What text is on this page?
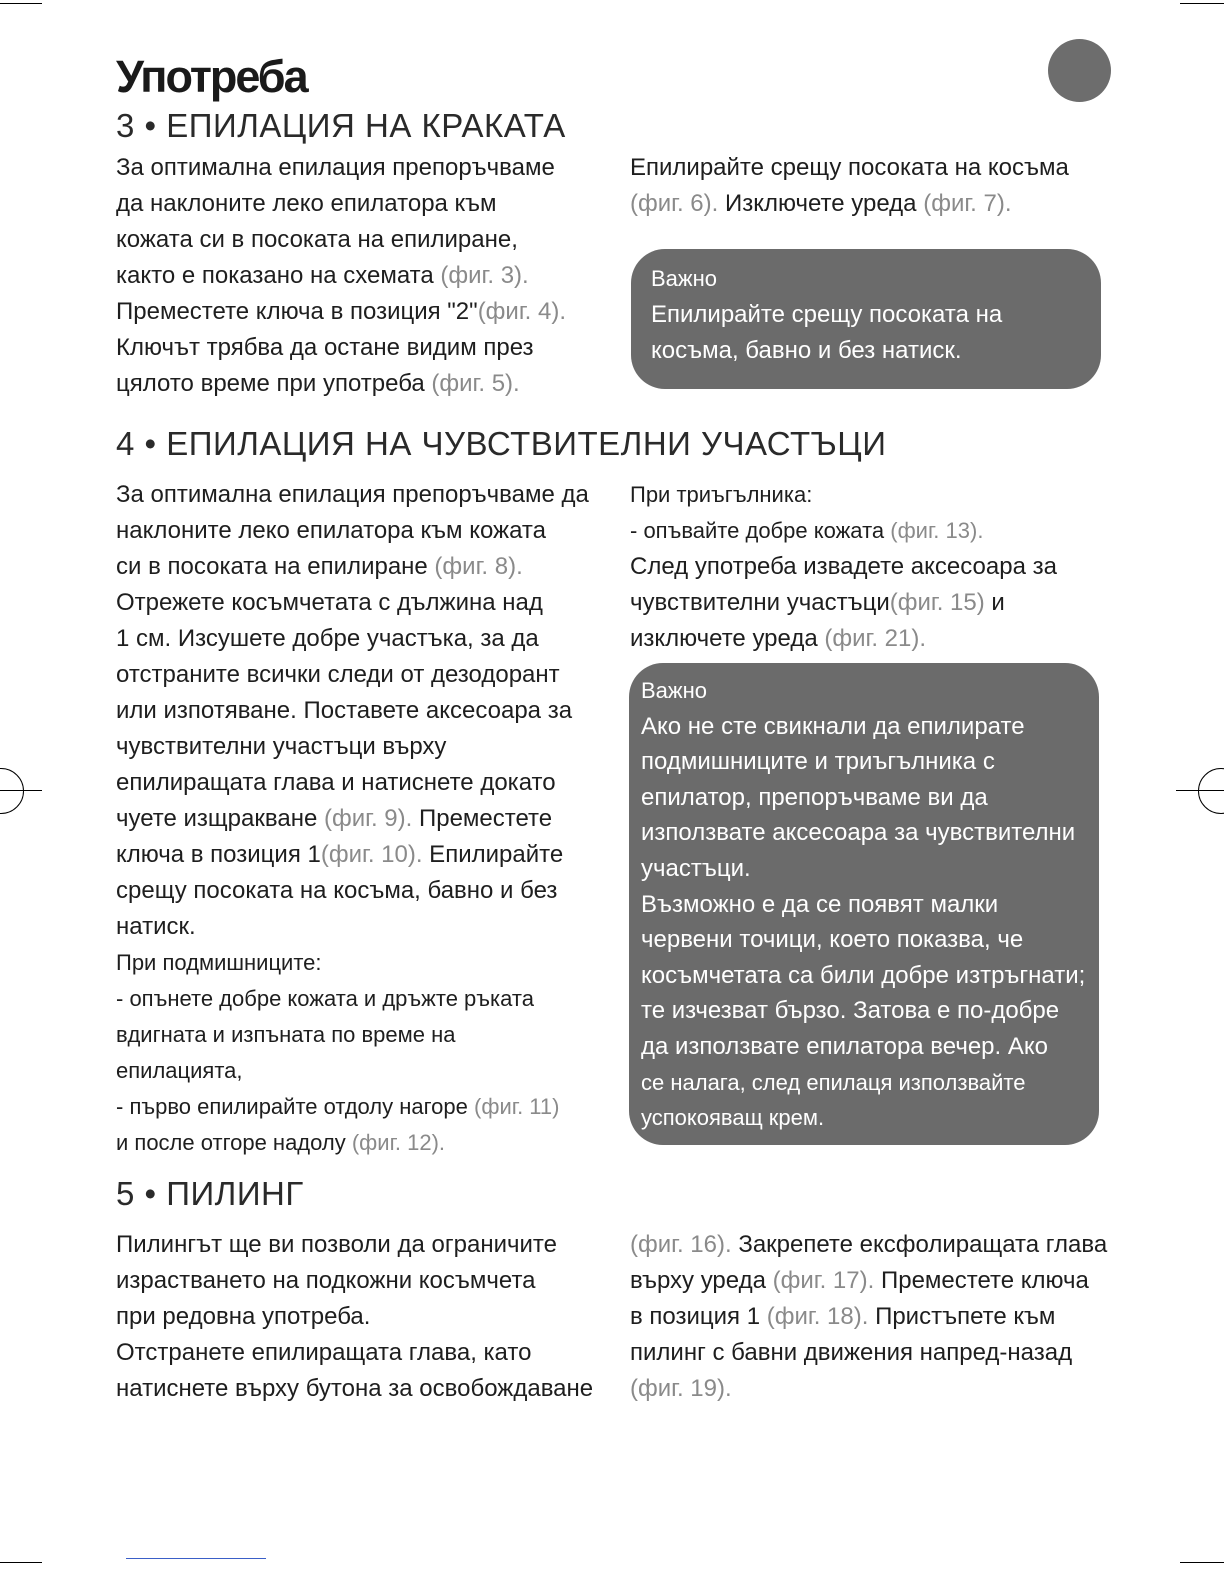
Употреба
3 • ЕПИЛАЦИЯ НА КРАКАТА

За оптимална епилация препоръчваме

да наклоните леко епилатора към

кожата си в посоката на епилиране,

както е показано на схемата (фиг. 3).

Преместете ключа в позиция "2"(фиг. 4).

Ключът трябва да остане видим през

цялото време при употреба (фиг. 5).

Епилирайте срещу посоката на косъма

(фиг. 6). Изключете уреда (фиг. 7).

Важно

Епилирайте срещу посоката на

косъма, бавно и без натиск.

4 • ЕПИЛАЦИЯ НА ЧУВСТВИТЕЛНИ УЧАСТЪЦИ

За оптимална епилация препоръчваме да

наклоните леко епилатора към кожата

си в посоката на епилиране (фиг. 8).

Отрежете косъмчетата с дължина над

1 см. Изсушете добре участъка, за да

отстраните всички следи от дезодорант

или изпотяване. Поставете аксесоара за

чувствителни участъци върху

епилиращата глава и натиснете докато

чуете изщракване (фиг. 9). Преместете

ключа в позиция 1(фиг. 10). Епилирайте

срещу посоката на косъма, бавно и без

натиск.

При подмишниците:

- опънете добре кожата и дръжте ръката

вдигната и изпъната по време на

епилацията,

- първо епилирайте отдолу нагоре (фиг. 11)

и после отгоре надолу (фиг. 12).

При триъгълника:

- опъвайте добре кожата (фиг. 13).

След употреба извадете аксесоара за

чувствителни участъци(фиг. 15) и

изключете уреда (фиг. 21).

Важно

Ако не сте свикнали да епилирате

подмишниците и триъгълника с

епилатор, препоръчваме ви да

използвате аксесоара за чувствителни

участъци.

Възможно е да се появят малки

червени точици, което показва, че

косъмчетата са били добре изтръгнати;

те изчезват бързо. Затова е по-добре

да използвате епилатора вечер. Ако

се налага, след епилаця използвайте

успокояващ крем.

5 • ПИЛИНГ

Пилингът ще ви позволи да ограничите

израстването на подкожни косъмчета

при редовна употреба.

Отстранете епилиращата глава, като

натиснете върху бутона за освобождаване

(фиг. 16). Закрепете ексфолиращата глава

върху уреда (фиг. 17). Преместете ключа

в позиция 1 (фиг. 18). Пристъпете към

пилинг с бавни движения напред-назад

(фиг. 19).
